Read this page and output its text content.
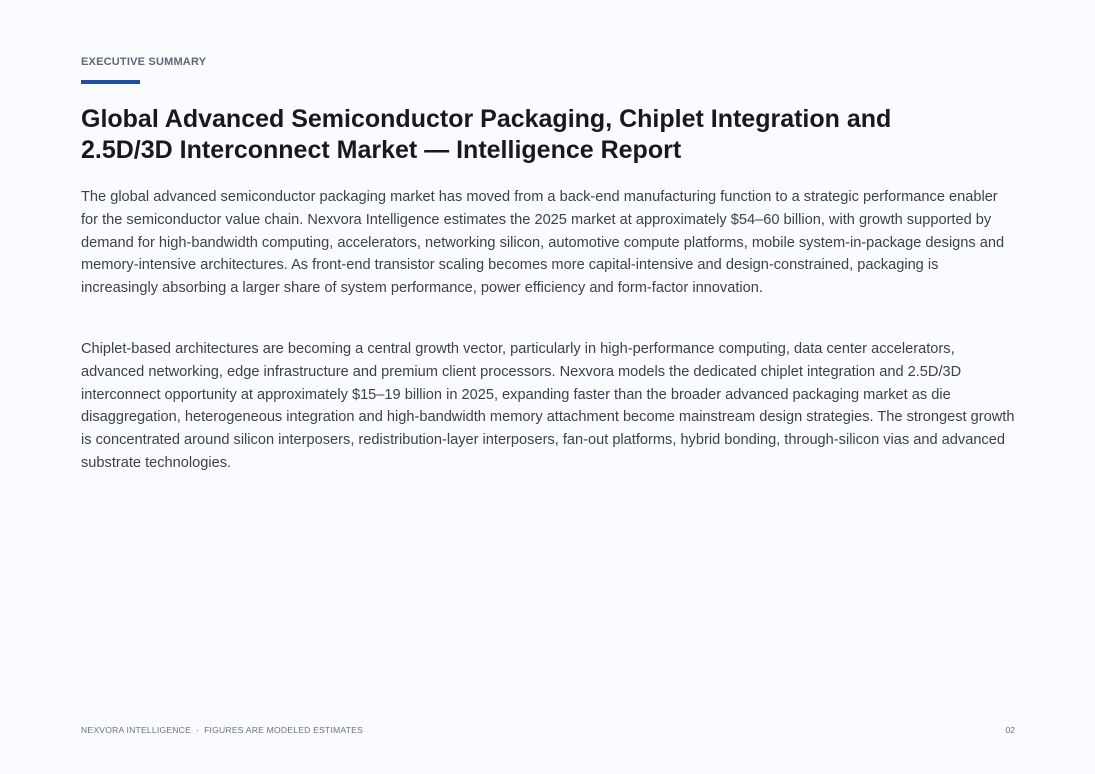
EXECUTIVE SUMMARY
Global Advanced Semiconductor Packaging, Chiplet Integration and
2.5D/3D Interconnect Market — Intelligence Report

The global advanced semiconductor packaging market has moved from a back-end manufacturing function to a strategic performance enabler for the semiconductor value chain. Nexvora Intelligence estimates the 2025 market at approximately $54–60 billion, with growth supported by demand for high-bandwidth computing, accelerators, networking silicon, automotive compute platforms, mobile system-in-package designs and memory-intensive architectures. As front-end transistor scaling becomes more capital-intensive and design-constrained, packaging is increasingly absorbing a larger share of system performance, power efficiency and form-factor innovation.

Chiplet-based architectures are becoming a central growth vector, particularly in high-performance computing, data center accelerators, advanced networking, edge infrastructure and premium client processors. Nexvora models the dedicated chiplet integration and 2.5D/3D interconnect opportunity at approximately $15–19 billion in 2025, expanding faster than the broader advanced packaging market as die disaggregation, heterogeneous integration and high-bandwidth memory attachment become mainstream design strategies. The strongest growth is concentrated around silicon interposers, redistribution-layer interposers, fan-out platforms, hybrid bonding, through-silicon vias and advanced substrate technologies.

NEXVORA INTELLIGENCE · FIGURES ARE MODELED ESTIMATES	02
